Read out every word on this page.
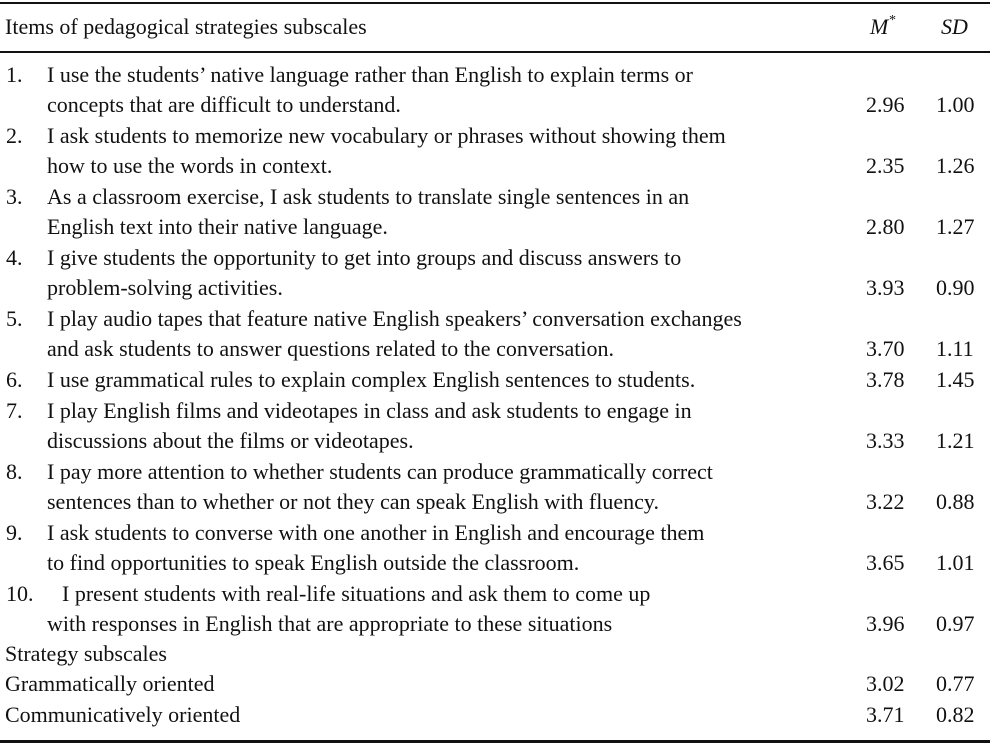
Items of pedagogical strategies subscales	M* SD
1. I use the students’ native language rather than English to explain terms or
concepts that are difficult to understand.	2.96 1.00
2. I ask students to memorize new vocabulary or phrases without showing them
how to use the words in context.	2.35 1.26
3. As a classroom exercise, I ask students to translate single sentences in an
English text into their native language.	2.80 1.27
4. I give students the opportunity to get into groups and discuss answers to
problem-solving activities.	3.93 0.90
5. I play audio tapes that feature native English speakers’ conversation exchanges
and ask students to answer questions related to the conversation.	3.70 1.11
6. I use grammatical rules to explain complex English sentences to students.	3.78 1.45
7. I play English films and videotapes in class and ask students to engage in
discussions about the films or videotapes.	3.33 1.21
8. I pay more attention to whether students can produce grammatically correct
sentences than to whether or not they can speak English with fluency.	3.22 0.88
9. I ask students to converse with one another in English and encourage them
to find opportunities to speak English outside the classroom.	3.65 1.01
10. I present students with real-life situations and ask them to come up
with responses in English that are appropriate to these situations	3.96 0.97
Strategy subscales
Grammatically oriented	3.02 0.77
Communicatively oriented	3.71 0.82
